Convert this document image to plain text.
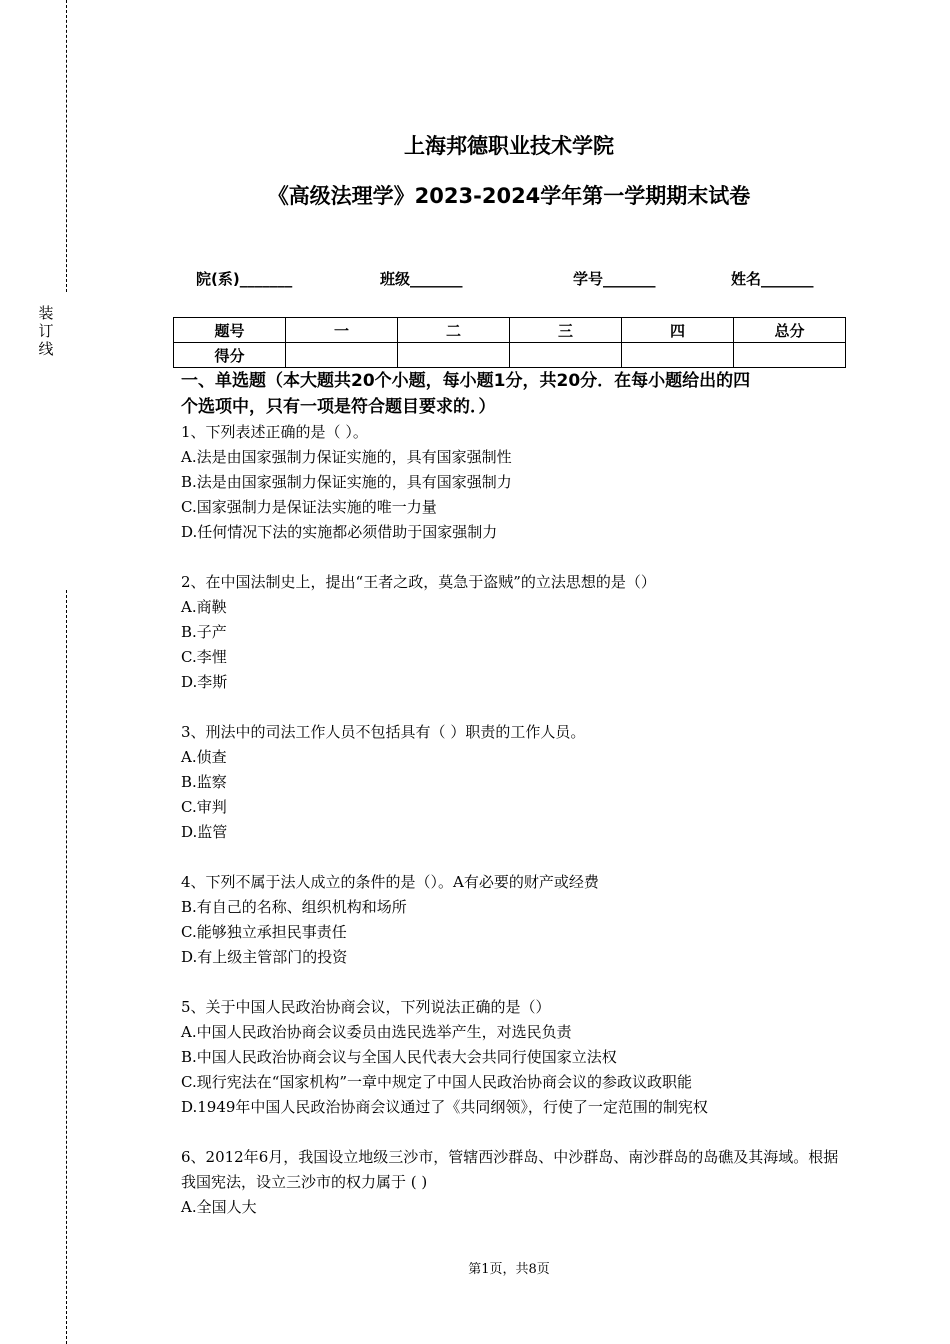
装
订
线
上海邦德职业技术学院
《高级法理学》2023-2024学年第一学期期末试卷
院(系)_______	班级_______	学号_______	姓名_______
题号	一	二	三	四	总分
得分					
一、单选题（本大题共20个小题，每小题1分，共20分．在每小题给出的四
个选项中，只有一项是符合题目要求的．）
1、下列表述正确的是（ ）。
A.法是由国家强制力保证实施的，具有国家强制性
B.法是由国家强制力保证实施的，具有国家强制力
C.国家强制力是保证法实施的唯一力量
D.任何情况下法的实施都必须借助于国家强制力
2、在中国法制史上，提出“王者之政，莫急于盗贼”的立法思想的是（）
A.商鞅
B.子产
C.李悝
D.李斯
3、刑法中的司法工作人员不包括具有（ ）职责的工作人员。
A.侦查
B.监察
C.审判
D.监管
4、下列不属于法人成立的条件的是（）。A有必要的财产或经费
B.有自己的名称、组织机构和场所
C.能够独立承担民事责任
D.有上级主管部门的投资
5、关于中国人民政治协商会议，下列说法正确的是（）
A.中国人民政治协商会议委员由选民选举产生，对选民负责
B.中国人民政治协商会议与全国人民代表大会共同行使国家立法权
C.现行宪法在“国家机构”一章中规定了中国人民政治协商会议的参政议政职能
D.1949年中国人民政治协商会议通过了《共同纲领》，行使了一定范围的制宪权
6、2012年6月，我国设立地级三沙市，管辖西沙群岛、中沙群岛、南沙群岛的岛礁及其海域。根据我国宪法，设立三沙市的权力属于 ( )
A.全国人大
第1页，共8页
